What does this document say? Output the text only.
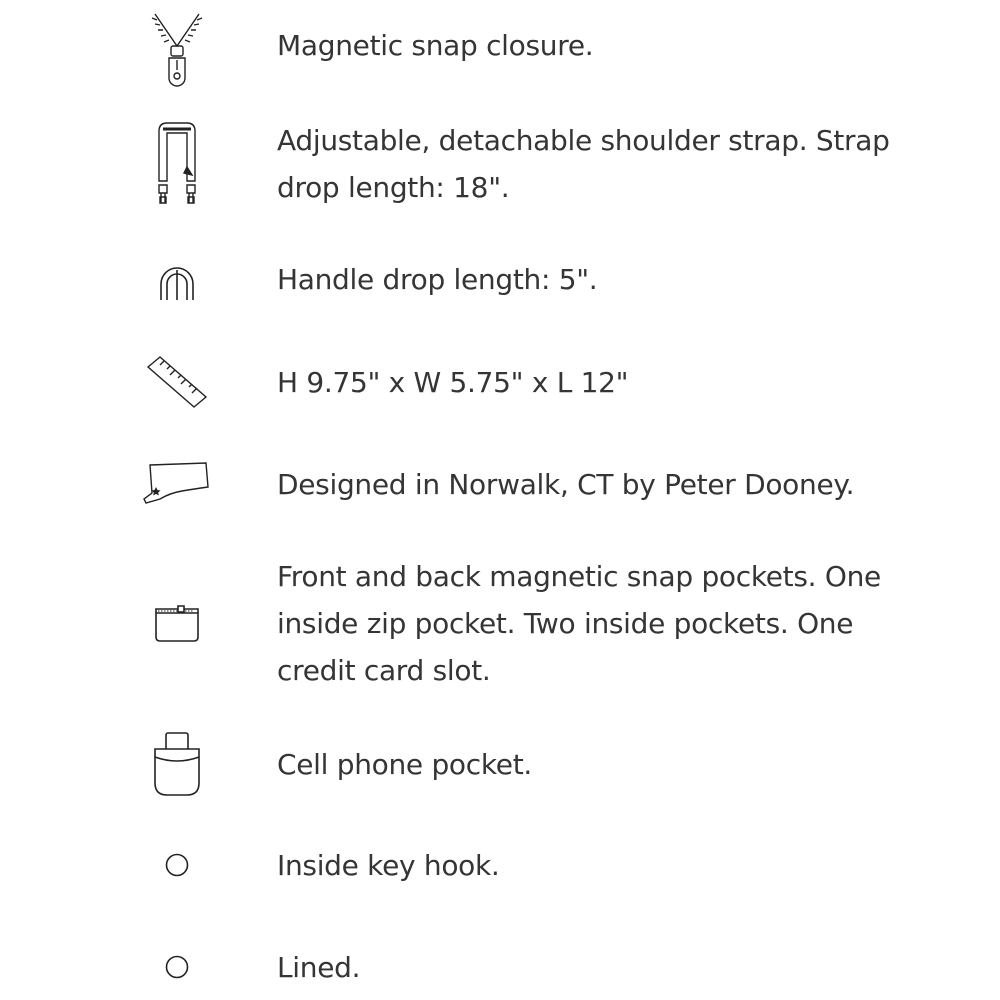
Magnetic snap closure.

Adjustable, detachable shoulder strap. Strap drop length: 18".

Handle drop length: 5".

H 9.75" x W 5.75" x L 12"

Designed in Norwalk, CT by Peter Dooney.

Front and back magnetic snap pockets. One inside zip pocket. Two inside pockets. One credit card slot.

Cell phone pocket.

Inside key hook.

Lined.
